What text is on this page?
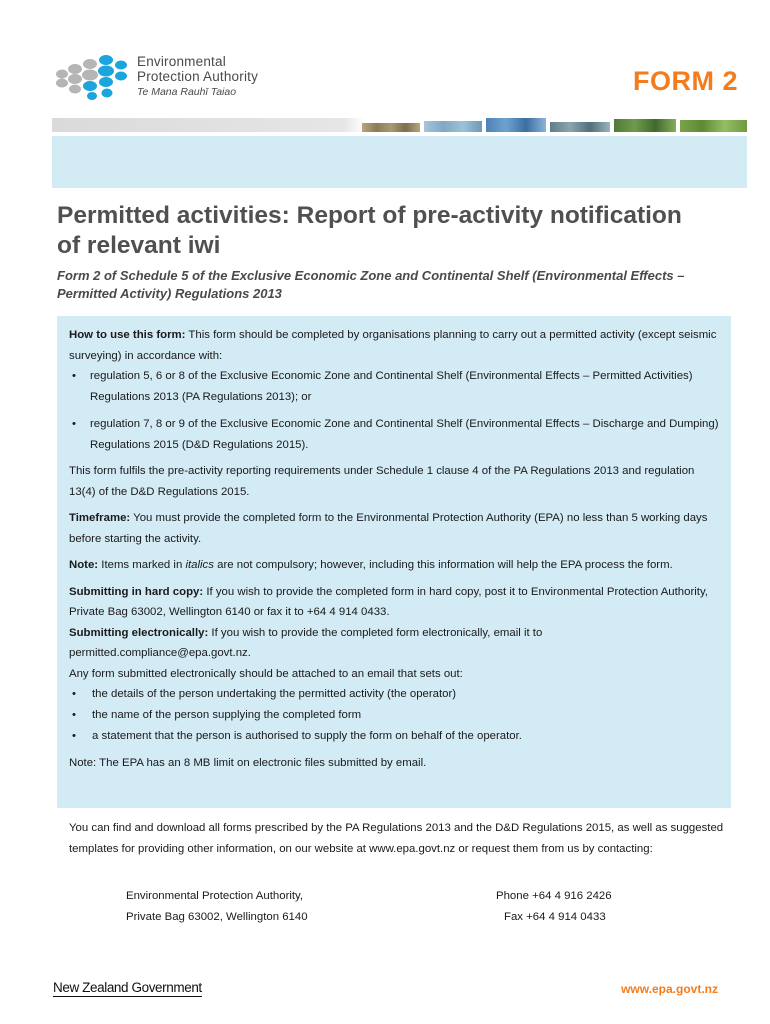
Environmental
Protection Authority
Te Mana Rauhī Taiao	FORM 2
Permitted activities: Report of pre-activity notification of relevant iwi

Form 2 of Schedule 5 of the Exclusive Economic Zone and Continental Shelf (Environmental Effects – Permitted Activity) Regulations 2013

How to use this form: This form should be completed by organisations planning to carry out a permitted activity (except seismic surveying) in accordance with:

• regulation 5, 6 or 8 of the Exclusive Economic Zone and Continental Shelf (Environmental Effects – Permitted Activities) Regulations 2013 (PA Regulations 2013); or
• regulation 7, 8 or 9 of the Exclusive Economic Zone and Continental Shelf (Environmental Effects – Discharge and Dumping) Regulations 2015 (D&D Regulations 2015).

This form fulfils the pre-activity reporting requirements under Schedule 1 clause 4 of the PA Regulations 2013 and regulation 13(4) of the D&D Regulations 2015.

Timeframe: You must provide the completed form to the Environmental Protection Authority (EPA) no less than 5 working days before starting the activity.

Note: Items marked in italics are not compulsory; however, including this information will help the EPA process the form.

Submitting in hard copy: If you wish to provide the completed form in hard copy, post it to Environmental Protection Authority, Private Bag 63002, Wellington 6140 or fax it to +64 4 914 0433.

Submitting electronically: If you wish to provide the completed form electronically, email it to permitted.compliance@epa.govt.nz.

Any form submitted electronically should be attached to an email that sets out:

• the details of the person undertaking the permitted activity (the operator)
• the name of the person supplying the completed form
• a statement that the person is authorised to supply the form on behalf of the operator.

Note: The EPA has an 8 MB limit on electronic files submitted by email.

You can find and download all forms prescribed by the PA Regulations 2013 and the D&D Regulations 2015, as well as suggested templates for providing other information, on our website at www.epa.govt.nz or request them from us by contacting:

Environmental Protection Authority,
Private Bag 63002, Wellington 6140
Phone +64 4 916 2426
Fax +64 4 914 0433
New Zealand Government	www.epa.govt.nz
